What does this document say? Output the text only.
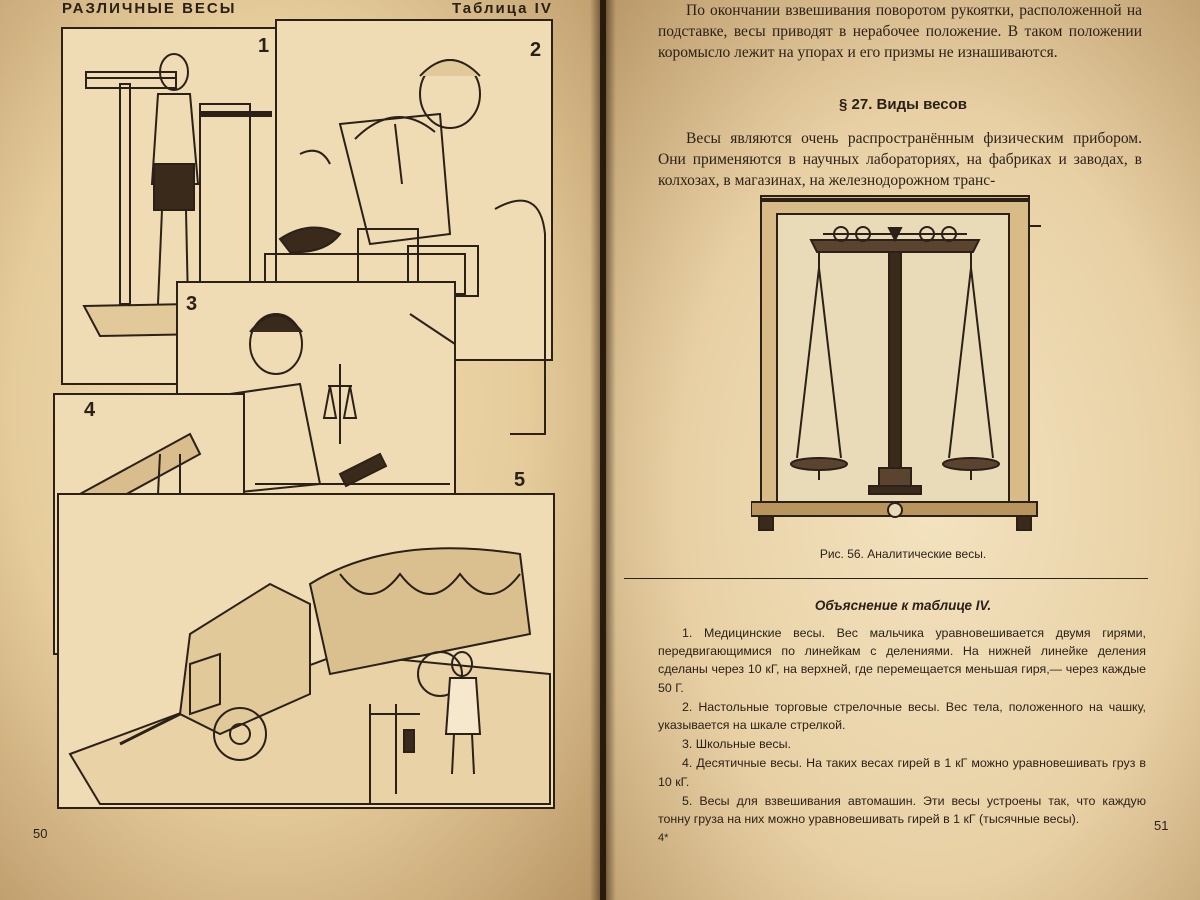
РАЗЛИЧНЫЕ ВЕСЫ	Таблица IV
1	2
3
4
5
50
По окончании взвешивания поворотом рукоятки, расположенной на подставке, весы приводят в нерабочее положение. В таком положении коромысло лежит на упорах и его призмы не изнашиваются.
§ 27. Виды весов
Весы являются очень распространённым физическим прибором. Они применяются в научных лабораториях, на фабриках и заводах, в колхозах, в магазинах, на железнодорожном транс-
Рис. 56. Аналитические весы.
Объяснение к таблице IV.

1. Медицинские весы. Вес мальчика уравновешивается двумя гирями, передвигающимися по линейкам с делениями. На нижней линейке деления сделаны через 10 кГ, на верхней, где перемещается меньшая гиря,— через каждые 50 Г.

2. Настольные торговые стрелочные весы. Вес тела, положенного на чашку, указывается на шкале стрелкой.

3. Школьные весы.

4. Десятичные весы. На таких весах гирей в 1 кГ можно уравновешивать груз в 10 кГ.

5. Весы для взвешивания автомашин. Эти весы устроены так, что каждую тонну груза на них можно уравновешивать гирей в 1 кГ (тысячные весы).

4*
51
